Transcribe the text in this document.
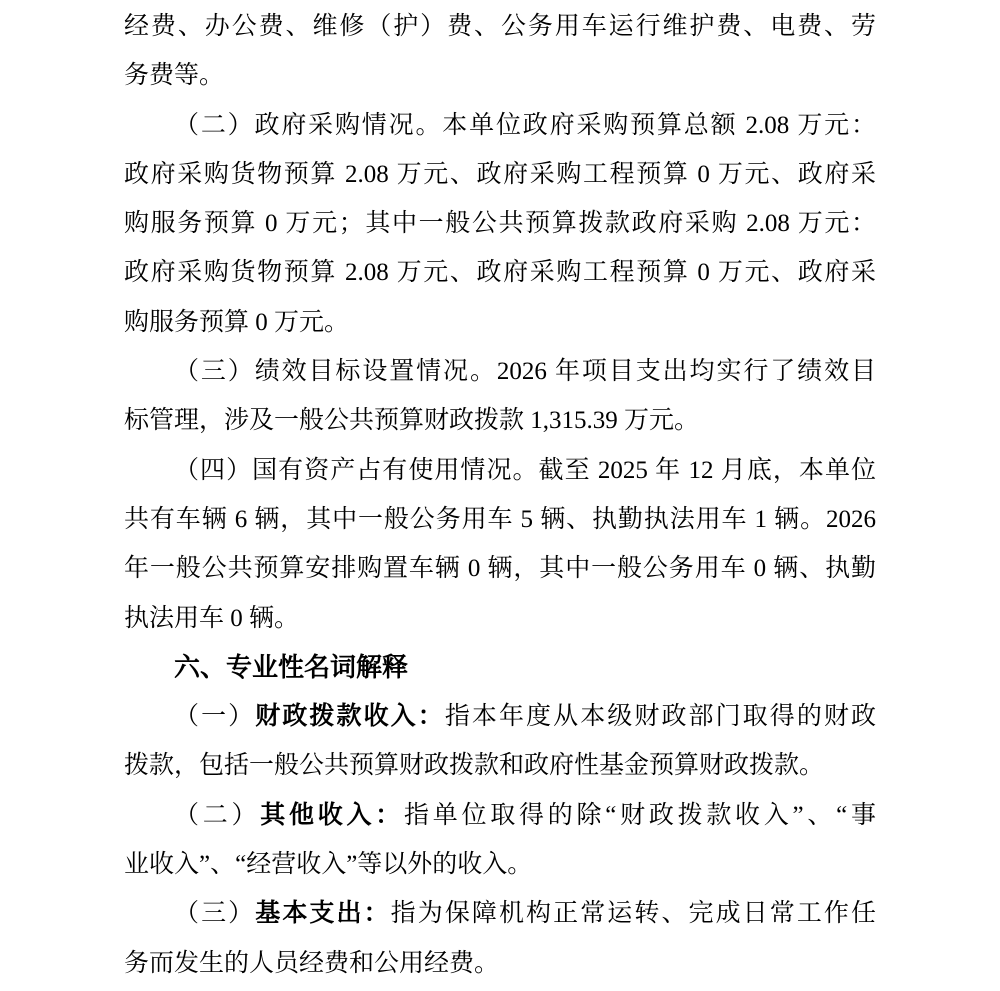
经费、办公费、维修（护）费、公务用车运行维护费、电费、劳
务费等。
（二）政府采购情况。本单位政府采购预算总额 2.08 万元：
政府采购货物预算 2.08 万元、政府采购工程预算 0 万元、政府采
购服务预算 0 万元；其中一般公共预算拨款政府采购 2.08 万元：
政府采购货物预算 2.08 万元、政府采购工程预算 0 万元、政府采
购服务预算 0 万元。
（三）绩效目标设置情况。2026 年项目支出均实行了绩效目
标管理，涉及一般公共预算财政拨款 1,315.39 万元。
（四）国有资产占有使用情况。截至 2025 年 12 月底，本单位
共有车辆 6 辆，其中一般公务用车 5 辆、执勤执法用车 1 辆。2026
年一般公共预算安排购置车辆 0 辆，其中一般公务用车 0 辆、执勤
执法用车 0 辆。
六、专业性名词解释
（一）财政拨款收入：指本年度从本级财政部门取得的财政
拨款，包括一般公共预算财政拨款和政府性基金预算财政拨款。
（二）其他收入：指单位取得的除“财政拨款收入”、“事
业收入”、“经营收入”等以外的收入。
（三）基本支出：指为保障机构正常运转、完成日常工作任
务而发生的人员经费和公用经费。
